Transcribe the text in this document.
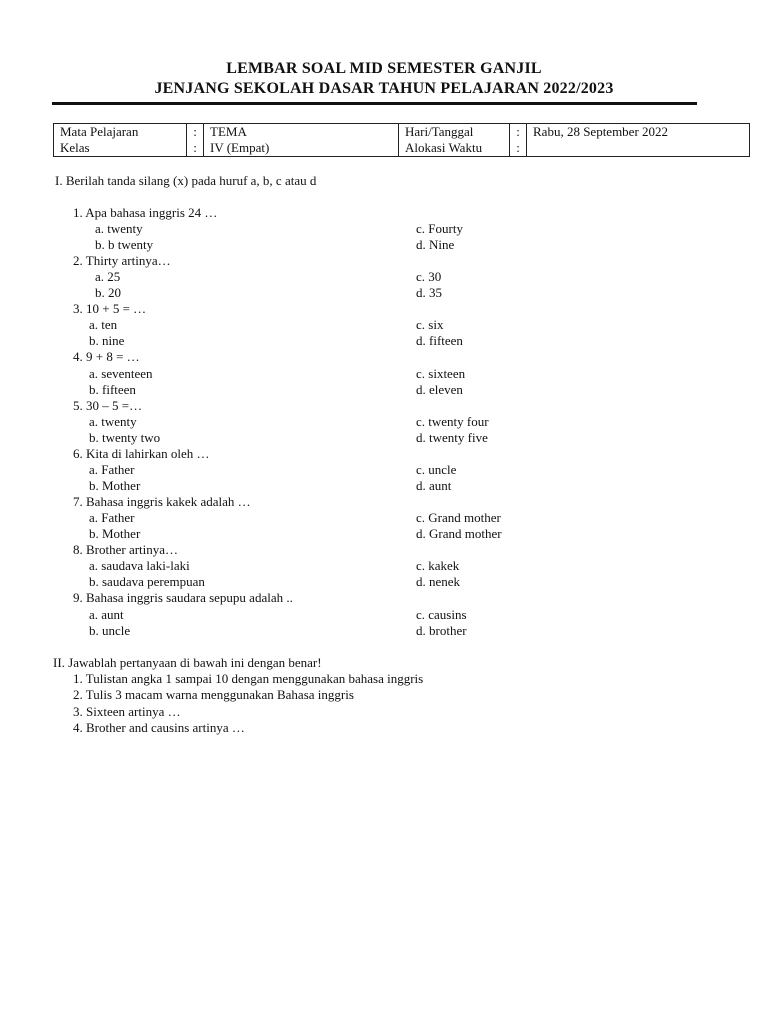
LEMBAR SOAL MID SEMESTER GANJIL
JENJANG SEKOLAH DASAR TAHUN PELAJARAN 2022/2023
Mata Pelajaran	:	TEMA	Hari/Tanggal	:	Rabu, 28 September 2022
Kelas	:	IV (Empat)	Alokasi Waktu	:	
I. Berilah tanda silang (x) pada huruf a, b, c atau d
1. Apa bahasa inggris 24 …
a. twenty	c. Fourty
b. b twenty	d. Nine
2. Thirty artinya…
a. 25	c. 30
b. 20	d. 35
3. 10 + 5 = …
a. ten	c. six
b. nine	d. fifteen
4. 9 + 8 = …
a. seventeen	c. sixteen
b. fifteen	d. eleven
5. 30 – 5 =…
a. twenty	c. twenty four
b. twenty two	d. twenty five
6. Kita di lahirkan oleh …
a. Father	c. uncle
b. Mother	d. aunt
7. Bahasa inggris kakek adalah …
a. Father	c. Grand mother
b. Mother	d. Grand mother
8. Brother artinya…
a. saudava laki-laki	c. kakek
b. saudava perempuan	d. nenek
9. Bahasa inggris saudara sepupu adalah ..
a. aunt	c. causins
b. uncle	d. brother
II. Jawablah pertanyaan di bawah ini dengan benar!
1. Tulistan angka 1 sampai 10 dengan menggunakan bahasa inggris
2. Tulis 3 macam warna menggunakan Bahasa inggris
3. Sixteen artinya …
4. Brother and causins artinya …
